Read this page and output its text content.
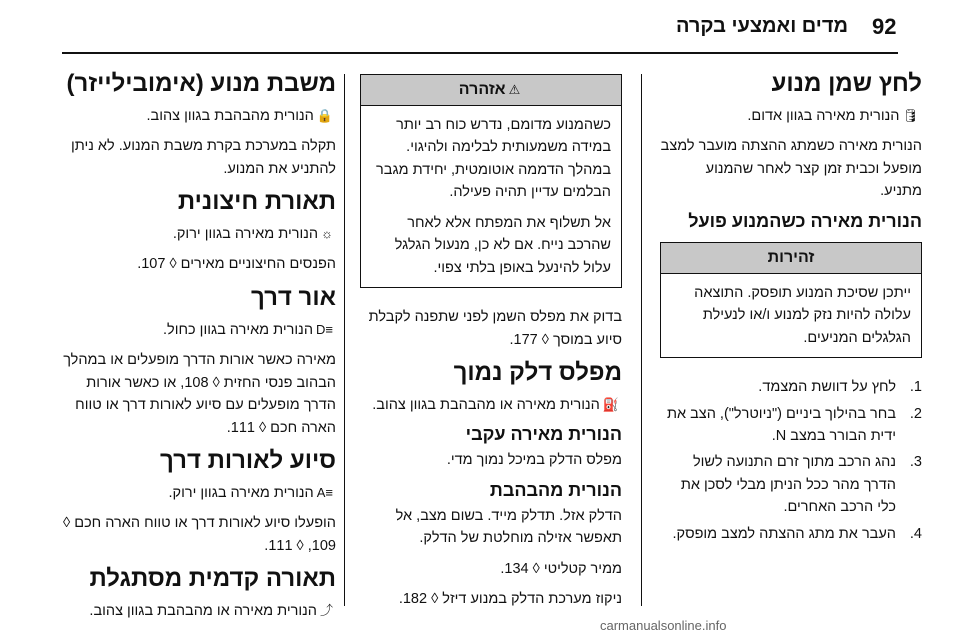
92
מדים ואמצעי בקרה
לחץ שמן מנוע

🛢הנורית מאירה בגוון אדום.

הנורית מאירה כשמתג ההצתה מועבר למצב מופעל וכבית זמן קצר לאחר שהמנוע מתניע.

הנורית מאירה כשהמנוע פועל
זהירות
ייתכן שסיכת המנוע תופסק. התוצאה עלולה להיות נזק למנוע ו/או לנעילת הגלגלים המניעים.
1.
לחץ על דוושת המצמד.
2.
בחר בהילוך ביניים ("ניוטרל"), הצב את ידית הבורר במצב N.
3.
נהג הרכב מתוך זרם התנועה לשול הדרך מהר ככל הניתן מבלי לסכן את כלי הרכב האחרים.
4.
העבר את מתג ההצתה למצב מופסק.
⚠אזהרה

כשהמנוע מדומם, נדרש כוח רב יותר במידה משמעותית לבלימה ולהיגוי. במהלך הדממה אוטומטית, יחידת מגבר הבלמים עדיין תהיה פעילה.

אל תשלוף את המפתח אלא לאחר שהרכב נייח. אם לא כן, מנעול הגלגל עלול להינעל באופן בלתי צפוי.

בדוק את מפלס השמן לפני שתפנה לקבלת סיוע במוסך ◊ 177.

מפלס דלק נמוך

⛽הנורית מאירה או מהבהבת בגוון צהוב.

הנורית מאירה עקבי

מפלס הדלק במיכל נמוך מדי.

הנורית מהבהבת

הדלק אזל. תדלק מייד. בשום מצב, אל תאפשר אזילה מוחלטת של הדלק.

ממיר קטליטי ◊ 134.

ניקוז מערכת הדלק במנוע דיזל ◊ 182.

משבת מנוע (אימובילייזר)

🔒הנורית מהבהבת בגוון צהוב.

תקלה במערכת בקרת משבת המנוע. לא ניתן להתניע את המנוע.

תאורת חיצונית

☼הנורית מאירה בגוון ירוק.

הפנסים החיצוניים מאירים ◊ 107.

אור דרך

≡Dהנורית מאירה בגוון כחול.

מאירה כאשר אורות הדרך מופעלים או במהלך הבהוב פנסי החזית ◊ 108, או כאשר אורות הדרך מופעלים עם סיוע לאורות דרך או טווח הארה חכם ◊ 111.

סיוע לאורות דרך

≡Aהנורית מאירה בגוון ירוק.

הופעלו סיוע לאורות דרך או טווח הארה חכם ◊ 109, ◊ 111.

תאורה קדמית מסתגלת

⤴הנורית מאירה או מהבהבת בגוון צהוב.

carmanualsonline.info
